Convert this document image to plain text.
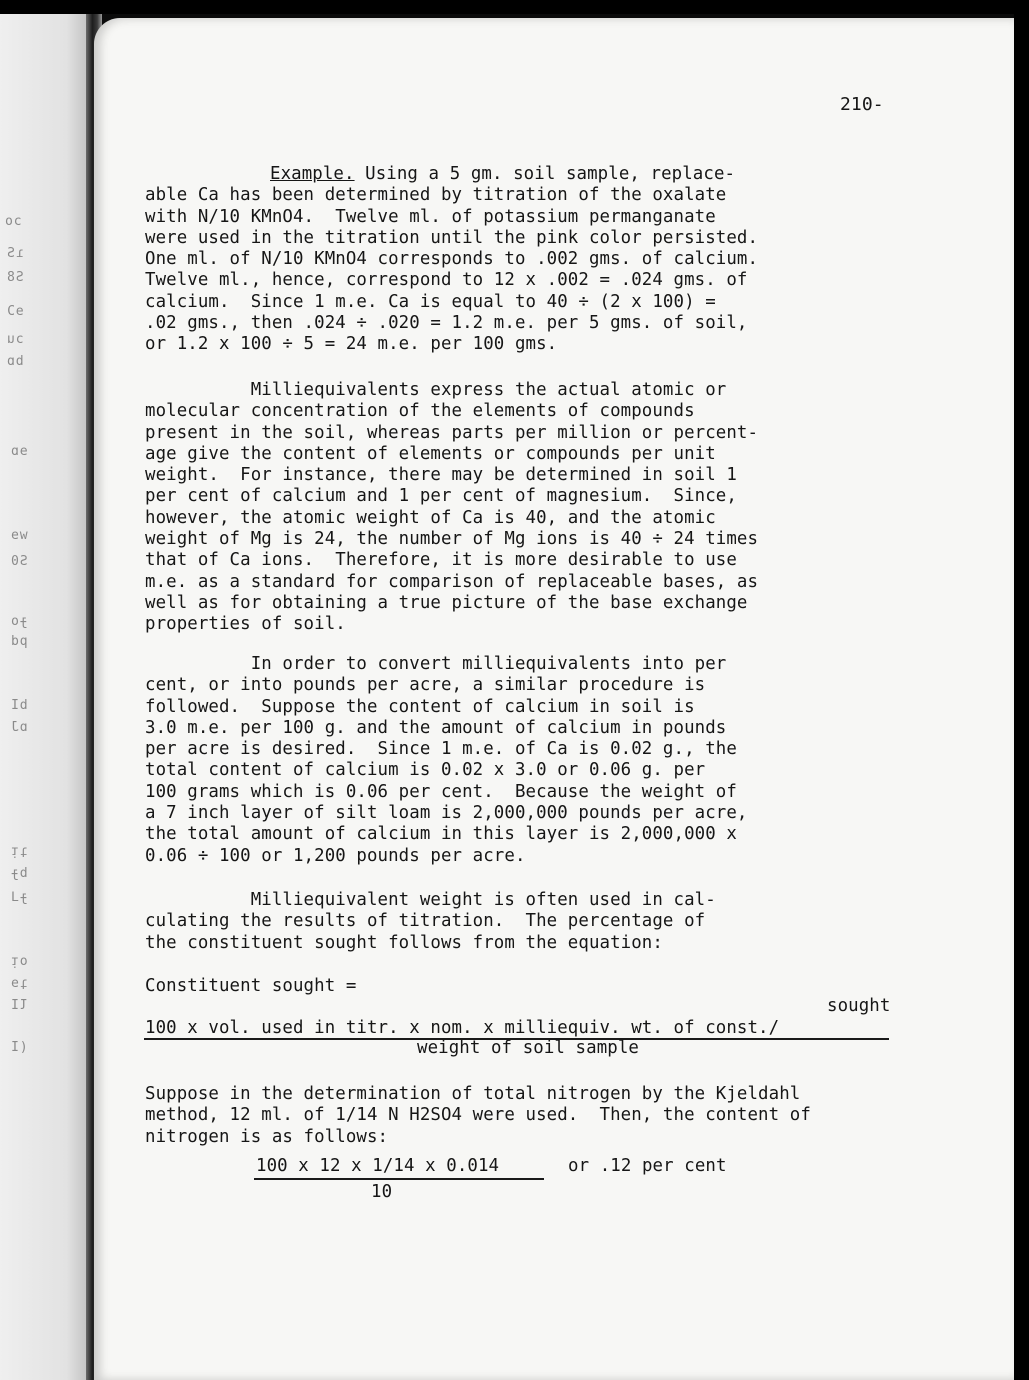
ɔo
ɿS
S8
ɘƆ
ɔu
bɒ
ɘɒ
wɘ
S0
ɟo
pd
bI
ɒJ
ʇᴉ
bɟ
ɟᒧ
oᴉ
ʇɘ
ƖI
(I
210-
Example. Using a 5 gm. soil sample, replace-
able Ca has been determined by titration of the oxalate
with N/10 KMnO4.  Twelve ml. of potassium permanganate
were used in the titration until the pink color persisted.
One ml. of N/10 KMnO4 corresponds to .002 gms. of calcium.
Twelve ml., hence, correspond to 12 x .002 = .024 gms. of
calcium.  Since 1 m.e. Ca is equal to 40 ÷ (2 x 100) =
.02 gms., then .024 ÷ .020 = 1.2 m.e. per 5 gms. of soil,
or 1.2 x 100 ÷ 5 = 24 m.e. per 100 gms.
Milliequivalents express the actual atomic or
molecular concentration of the elements of compounds
present in the soil, whereas parts per million or percent-
age give the content of elements or compounds per unit
weight.  For instance, there may be determined in soil 1
per cent of calcium and 1 per cent of magnesium.  Since,
however, the atomic weight of Ca is 40, and the atomic
weight of Mg is 24, the number of Mg ions is 40 ÷ 24 times
that of Ca ions.  Therefore, it is more desirable to use
m.e. as a standard for comparison of replaceable bases, as
well as for obtaining a true picture of the base exchange
properties of soil.
In order to convert milliequivalents into per
cent, or into pounds per acre, a similar procedure is
followed.  Suppose the content of calcium in soil is
3.0 m.e. per 100 g. and the amount of calcium in pounds
per acre is desired.  Since 1 m.e. of Ca is 0.02 g., the
total content of calcium is 0.02 x 3.0 or 0.06 g. per
100 grams which is 0.06 per cent.  Because the weight of
a 7 inch layer of silt loam is 2,000,000 pounds per acre,
the total amount of calcium in this layer is 2,000,000 x
0.06 ÷ 100 or 1,200 pounds per acre.
Milliequivalent weight is often used in cal-
culating the results of titration.  The percentage of
the constituent sought follows from the equation:
Constituent sought =
sought
100 x vol. used in titr. x nom. x milliequiv. wt. of const./
weight of soil sample
Suppose in the determination of total nitrogen by the Kjeldahl
method, 12 ml. of 1/14 N H2SO4 were used.  Then, the content of
nitrogen is as follows:
100 x 12 x 1/14 x 0.014	or .12 per cent
10
